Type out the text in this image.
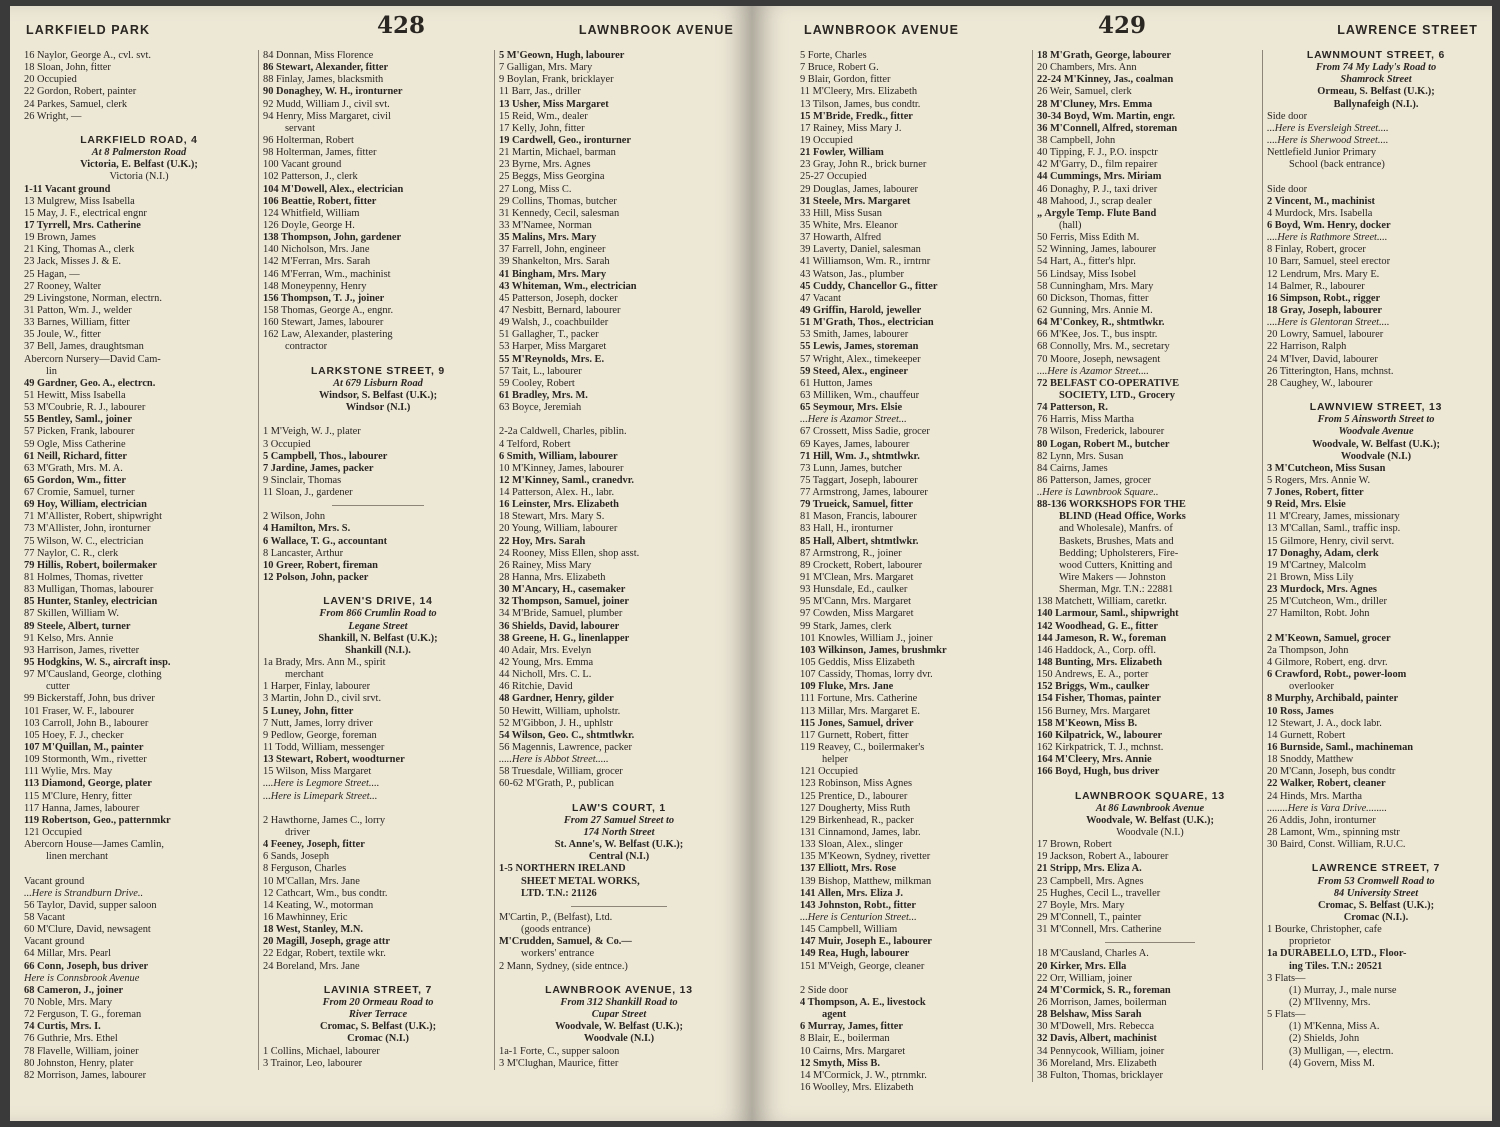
LARKFIELD PARK	428	LAWNBROOK AVENUE
16 Naylor, George A., cvl. svt.
18 Sloan, John, fitter
20 Occupied
22 Gordon, Robert, painter
24 Parkes, Samuel, clerk
26 Wright, —
LARKFIELD ROAD, 4
At 8 Palmerston Road
Victoria, E. Belfast (U.K.);
Victoria (N.I.)
1-11 Vacant ground
13 Mulgrew, Miss Isabella
15 May, J. F., electrical engnr
17 Tyrrell, Mrs. Catherine
19 Brown, James
21 King, Thomas A., clerk
23 Jack, Misses J. & E.
25 Hagan, —
27 Rooney, Walter
29 Livingstone, Norman, electrn.
31 Patton, Wm. J., welder
33 Barnes, William, fitter
35 Joule, W., fitter
37 Bell, James, draughtsman
Abercorn Nursery—David Cam-
lin
49 Gardner, Geo. A., electrcn.
51 Hewitt, Miss Isabella
53 M'Coubrie, R. J., labourer
55 Bentley, Saml., joiner
57 Picken, Frank, labourer
59 Ogle, Miss Catherine
61 Neill, Richard, fitter
63 M'Grath, Mrs. M. A.
65 Gordon, Wm., fitter
67 Cromie, Samuel, turner
69 Hoy, William, electrician
71 M'Allister, Robert, shipwright
73 M'Allister, John, ironturner
75 Wilson, W. C., electrician
77 Naylor, C. R., clerk
79 Hillis, Robert, boilermaker
81 Holmes, Thomas, rivetter
83 Mulligan, Thomas, labourer
85 Hunter, Stanley, electrician
87 Skillen, William W.
89 Steele, Albert, turner
91 Kelso, Mrs. Annie
93 Harrison, James, rivetter
95 Hodgkins, W. S., aircraft insp.
97 M'Causland, George, clothing
cutter
99 Bickerstaff, John, bus driver
101 Fraser, W. F., labourer
103 Carroll, John B., labourer
105 Hoey, F. J., checker
107 M'Quillan, M., painter
109 Stormonth, Wm., rivetter
111 Wylie, Mrs. May
113 Diamond, George, plater
115 M'Clure, Henry, fitter
117 Hanna, James, labourer
119 Robertson, Geo., patternmkr
121 Occupied
Abercorn House—James Camlin,
linen merchant
Vacant ground
...Here is Strandburn Drive..
56 Taylor, David, supper saloon
58 Vacant
60 M'Clure, David, newsagent
Vacant ground
64 Millar, Mrs. Pearl
66 Conn, Joseph, bus driver
Here is Connsbrook Avenue
68 Cameron, J., joiner
70 Noble, Mrs. Mary
72 Ferguson, T. G., foreman
74 Curtis, Mrs. I.
76 Guthrie, Mrs. Ethel
78 Flavelle, William, joiner
80 Johnston, Henry, plater
82 Morrison, James, labourer
84 Donnan, Miss Florence
86 Stewart, Alexander, fitter
88 Finlay, James, blacksmith
90 Donaghey, W. H., ironturner
92 Mudd, William J., civil svt.
94 Henry, Miss Margaret, civil
servant
96 Holterman, Robert
98 Holterman, James, fitter
100 Vacant ground
102 Patterson, J., clerk
104 M'Dowell, Alex., electrician
106 Beattie, Robert, fitter
124 Whitfield, William
126 Doyle, George H.
138 Thompson, John, gardener
140 Nicholson, Mrs. Jane
142 M'Ferran, Mrs. Sarah
146 M'Ferran, Wm., machinist
148 Moneypenny, Henry
156 Thompson, T. J., joiner
158 Thomas, George A., engnr.
160 Stewart, James, labourer
162 Law, Alexander, plastering
contractor
LARKSTONE STREET, 9
At 679 Lisburn Road
Windsor, S. Belfast (U.K.);
Windsor (N.I.)
1 M'Veigh, W. J., plater
3 Occupied
5 Campbell, Thos., labourer
7 Jardine, James, packer
9 Sinclair, Thomas
11 Sloan, J., gardener
2 Wilson, John
4 Hamilton, Mrs. S.
6 Wallace, T. G., accountant
8 Lancaster, Arthur
10 Greer, Robert, fireman
12 Polson, John, packer
LAVEN'S DRIVE, 14
From 866 Crumlin Road to
Legane Street
Shankill, N. Belfast (U.K.);
Shankill (N.I.).
1a Brady, Mrs. Ann M., spirit
merchant
1 Harper, Finlay, labourer
3 Martin, John D., civil srvt.
5 Luney, John, fitter
7 Nutt, James, lorry driver
9 Pedlow, George, foreman
11 Todd, William, messenger
13 Stewart, Robert, woodturner
15 Wilson, Miss Margaret
....Here is Legmore Street....
...Here is Limepark Street...
2 Hawthorne, James C., lorry
driver
4 Feeney, Joseph, fitter
6 Sands, Joseph
8 Ferguson, Charles
10 M'Callan, Mrs. Jane
12 Cathcart, Wm., bus condtr.
14 Keating, W., motorman
16 Mawhinney, Eric
18 West, Stanley, M.N.
20 Magill, Joseph, grage attr
22 Edgar, Robert, textile wkr.
24 Boreland, Mrs. Jane
LAVINIA STREET, 7
From 20 Ormeau Road to
River Terrace
Cromac, S. Belfast (U.K.);
Cromac (N.I.)
1 Collins, Michael, labourer
3 Trainor, Leo, labourer
5 M'Geown, Hugh, labourer
7 Galligan, Mrs. Mary
9 Boylan, Frank, bricklayer
11 Barr, Jas., driller
13 Usher, Miss Margaret
15 Reid, Wm., dealer
17 Kelly, John, fitter
19 Cardwell, Geo., ironturner
21 Martin, Michael, barman
23 Byrne, Mrs. Agnes
25 Beggs, Miss Georgina
27 Long, Miss C.
29 Collins, Thomas, butcher
31 Kennedy, Cecil, salesman
33 M'Namee, Norman
35 Malins, Mrs. Mary
37 Farrell, John, engineer
39 Shankelton, Mrs. Sarah
41 Bingham, Mrs. Mary
43 Whiteman, Wm., electrician
45 Patterson, Joseph, docker
47 Nesbitt, Bernard, labourer
49 Walsh, J., coachbuilder
51 Gallagher, T., packer
53 Harper, Miss Margaret
55 M'Reynolds, Mrs. E.
57 Tait, L., labourer
59 Cooley, Robert
61 Bradley, Mrs. M.
63 Boyce, Jeremiah
2-2a Caldwell, Charles, piblin.
4 Telford, Robert
6 Smith, William, labourer
10 M'Kinney, James, labourer
12 M'Kinney, Saml., cranedvr.
14 Patterson, Alex. H., labr.
16 Leinster, Mrs. Elizabeth
18 Stewart, Mrs. Mary S.
20 Young, William, labourer
22 Hoy, Mrs. Sarah
24 Rooney, Miss Ellen, shop asst.
26 Rainey, Miss Mary
28 Hanna, Mrs. Elizabeth
30 M'Ancary, H., casemaker
32 Thompson, Samuel, joiner
34 M'Bride, Samuel, plumber
36 Shields, David, labourer
38 Greene, H. G., linenlapper
40 Adair, Mrs. Evelyn
42 Young, Mrs. Emma
44 Nicholl, Mrs. C. L.
46 Ritchie, David
48 Gardner, Henry, gilder
50 Hewitt, William, upholstr.
52 M'Gibbon, J. H., uphlstr
54 Wilson, Geo. C., shtmtlwkr.
56 Magennis, Lawrence, packer
.....Here is Abbot Street.....
58 Truesdale, William, grocer
60-62 M'Grath, P., publican
LAW'S COURT, 1
From 27 Samuel Street to
174 North Street
St. Anne's, W. Belfast (U.K.);
Central (N.I.)
1-5 NORTHERN IRELAND
SHEET METAL WORKS,
LTD. T.N.: 21126
M'Cartin, P., (Belfast), Ltd.
(goods entrance)
M'Crudden, Samuel, & Co.—
workers' entrance
2 Mann, Sydney, (side entnce.)
LAWNBROOK AVENUE, 13
From 312 Shankill Road to
Cupar Street
Woodvale, W. Belfast (U.K.);
Woodvale (N.I.)
1a-1 Forte, C., supper saloon
3 M'Clughan, Maurice, fitter
LAWNBROOK AVENUE	429	LAWRENCE STREET
5 Forte, Charles
7 Bruce, Robert G.
9 Blair, Gordon, fitter
11 M'Cleery, Mrs. Elizabeth
13 Tilson, James, bus condtr.
15 M'Bride, Fredk., fitter
17 Rainey, Miss Mary J.
19 Occupied
21 Fowler, William
23 Gray, John R., brick burner
25-27 Occupied
29 Douglas, James, labourer
31 Steele, Mrs. Margaret
33 Hill, Miss Susan
35 White, Mrs. Eleanor
37 Howarth, Alfred
39 Laverty, Daniel, salesman
41 Williamson, Wm. R., irntrnr
43 Watson, Jas., plumber
45 Cuddy, Chancellor G., fitter
47 Vacant
49 Griffin, Harold, jeweller
51 M'Grath, Thos., electrician
53 Smith, James, labourer
55 Lewis, James, storeman
57 Wright, Alex., timekeeper
59 Steed, Alex., engineer
61 Hutton, James
63 Milliken, Wm., chauffeur
65 Seymour, Mrs. Elsie
...Here is Azamor Street...
67 Crossett, Miss Sadie, grocer
69 Kayes, James, labourer
71 Hill, Wm. J., shtmtlwkr.
73 Lunn, James, butcher
75 Taggart, Joseph, labourer
77 Armstrong, James, labourer
79 Trueick, Samuel, fitter
81 Mason, Francis, labourer
83 Hall, H., ironturner
85 Hall, Albert, shtmtlwkr.
87 Armstrong, R., joiner
89 Crockett, Robert, labourer
91 M'Clean, Mrs. Margaret
93 Hunsdale, Ed., caulker
95 M'Cann, Mrs. Margaret
97 Cowden, Miss Margaret
99 Stark, James, clerk
101 Knowles, William J., joiner
103 Wilkinson, James, brushmkr
105 Geddis, Miss Elizabeth
107 Cassidy, Thomas, lorry dvr.
109 Fluke, Mrs. Jane
111 Fortune, Mrs. Catherine
113 Millar, Mrs. Margaret E.
115 Jones, Samuel, driver
117 Gurnett, Robert, fitter
119 Reavey, C., boilermaker's
helper
121 Occupied
123 Robinson, Miss Agnes
125 Prentice, D., labourer
127 Dougherty, Miss Ruth
129 Birkenhead, R., packer
131 Cinnamond, James, labr.
133 Sloan, Alex., slinger
135 M'Keown, Sydney, rivetter
137 Elliott, Mrs. Rose
139 Bishop, Matthew, milkman
141 Allen, Mrs. Eliza J.
143 Johnston, Robt., fitter
...Here is Centurion Street...
145 Campbell, William
147 Muir, Joseph E., labourer
149 Rea, Hugh, labourer
151 M'Veigh, George, cleaner
2 Side door
4 Thompson, A. E., livestock
agent
6 Murray, James, fitter
8 Blair, E., boilerman
10 Cairns, Mrs. Margaret
12 Smyth, Miss B.
14 M'Cormick, J. W., ptrnmkr.
16 Woolley, Mrs. Elizabeth
18 M'Grath, George, labourer
20 Chambers, Mrs. Ann
22-24 M'Kinney, Jas., coalman
26 Weir, Samuel, clerk
28 M'Cluney, Mrs. Emma
30-34 Boyd, Wm. Martin, engr.
36 M'Connell, Alfred, storeman
38 Campbell, John
40 Tipping, F. J., P.O. inspctr
42 M'Garry, D., film repairer
44 Cummings, Mrs. Miriam
46 Donaghy, P. J., taxi driver
48 Mahood, J., scrap dealer
„ Argyle Temp. Flute Band
(hall)
50 Ferris, Miss Edith M.
52 Winning, James, labourer
54 Hart, A., fitter's hlpr.
56 Lindsay, Miss Isobel
58 Cunningham, Mrs. Mary
60 Dickson, Thomas, fitter
62 Gunning, Mrs. Annie M.
64 M'Conkey, R., shtmtlwkr.
66 M'Kee, Jos. T., bus insptr.
68 Connolly, Mrs. M., secretary
70 Moore, Joseph, newsagent
....Here is Azamor Street....
72 BELFAST CO-OPERATIVE
SOCIETY, LTD., Grocery
74 Patterson, R.
76 Harris, Miss Martha
78 Wilson, Frederick, labourer
80 Logan, Robert M., butcher
82 Lynn, Mrs. Susan
84 Cairns, James
86 Patterson, James, grocer
..Here is Lawnbrook Square..
88-136 WORKSHOPS FOR THE
BLIND (Head Office, Works
and Wholesale), Manfrs. of
Baskets, Brushes, Mats and
Bedding; Upholsterers, Fire-
wood Cutters, Knitting and
Wire Makers — Johnston
Sherman, Mgr. T.N.: 22881
138 Matchett, William, caretkr.
140 Larmour, Saml., shipwright
142 Woodhead, G. E., fitter
144 Jameson, R. W., foreman
146 Haddock, A., Corp. offl.
148 Bunting, Mrs. Elizabeth
150 Andrews, E. A., porter
152 Briggs, Wm., caulker
154 Fisher, Thomas, painter
156 Burney, Mrs. Margaret
158 M'Keown, Miss B.
160 Kilpatrick, W., labourer
162 Kirkpatrick, T. J., mchnst.
164 M'Cleery, Mrs. Annie
166 Boyd, Hugh, bus driver
LAWNBROOK SQUARE, 13
At 86 Lawnbrook Avenue
Woodvale, W. Belfast (U.K.);
Woodvale (N.I.)
17 Brown, Robert
19 Jackson, Robert A., labourer
21 Stripp, Mrs. Eliza A.
23 Campbell, Mrs. Agnes
25 Hughes, Cecil L., traveller
27 Boyle, Mrs. Mary
29 M'Connell, T., painter
31 M'Connell, Mrs. Catherine
18 M'Causland, Charles A.
20 Kirker, Mrs. Ella
22 Orr, William, joiner
24 M'Cormick, S. R., foreman
26 Morrison, James, boilerman
28 Belshaw, Miss Sarah
30 M'Dowell, Mrs. Rebecca
32 Davis, Albert, machinist
34 Pennycook, William, joiner
36 Moreland, Mrs. Elizabeth
38 Fulton, Thomas, bricklayer
LAWNMOUNT STREET, 6
From 74 My Lady's Road to
Shamrock Street
Ormeau, S. Belfast (U.K.);
Ballynafeigh (N.I.).
Side door
...Here is Eversleigh Street....
....Here is Sherwood Street....
Nettlefield Junior Primary
School (back entrance)
Side door
2 Vincent, M., machinist
4 Murdock, Mrs. Isabella
6 Boyd, Wm. Henry, docker
....Here is Rathmore Street....
8 Finlay, Robert, grocer
10 Barr, Samuel, steel erector
12 Lendrum, Mrs. Mary E.
14 Balmer, R., labourer
16 Simpson, Robt., rigger
18 Gray, Joseph, labourer
....Here is Glentoran Street....
20 Lowry, Samuel, labourer
22 Harrison, Ralph
24 M'Iver, David, labourer
26 Titterington, Hans, mchnst.
28 Caughey, W., labourer
LAWNVIEW STREET, 13
From 5 Ainsworth Street to
Woodvale Avenue
Woodvale, W. Belfast (U.K.);
Woodvale (N.I.)
3 M'Cutcheon, Miss Susan
5 Rogers, Mrs. Annie W.
7 Jones, Robert, fitter
9 Reid, Mrs. Elsie
11 M'Creary, James, missionary
13 M'Callan, Saml., traffic insp.
15 Gilmore, Henry, civil servt.
17 Donaghy, Adam, clerk
19 M'Cartney, Malcolm
21 Brown, Miss Lily
23 Murdock, Mrs. Agnes
25 M'Cutcheon, Wm., driller
27 Hamilton, Robt. John
2 M'Keown, Samuel, grocer
2a Thompson, John
4 Gilmore, Robert, eng. drvr.
6 Crawford, Robt., power-loom
overlooker
8 Murphy, Archibald, painter
10 Ross, James
12 Stewart, J. A., dock labr.
14 Gurnett, Robert
16 Burnside, Saml., machineman
18 Snoddy, Matthew
20 M'Cann, Joseph, bus condtr
22 Walker, Robert, cleaner
24 Hinds, Mrs. Martha
........Here is Vara Drive........
26 Addis, John, ironturner
28 Lamont, Wm., spinning mstr
30 Baird, Const. William, R.U.C.
LAWRENCE STREET, 7
From 53 Cromwell Road to
84 University Street
Cromac, S. Belfast (U.K.);
Cromac (N.I.).
1 Bourke, Christopher, cafe
proprietor
1a DURABELLO, LTD., Floor-
ing Tiles. T.N.: 20521
3 Flats—
(1) Murray, J., male nurse
(2) M'Ilvenny, Mrs.
5 Flats—
(1) M'Kenna, Miss A.
(2) Shields, John
(3) Mulligan, —, electrn.
(4) Govern, Miss M.
